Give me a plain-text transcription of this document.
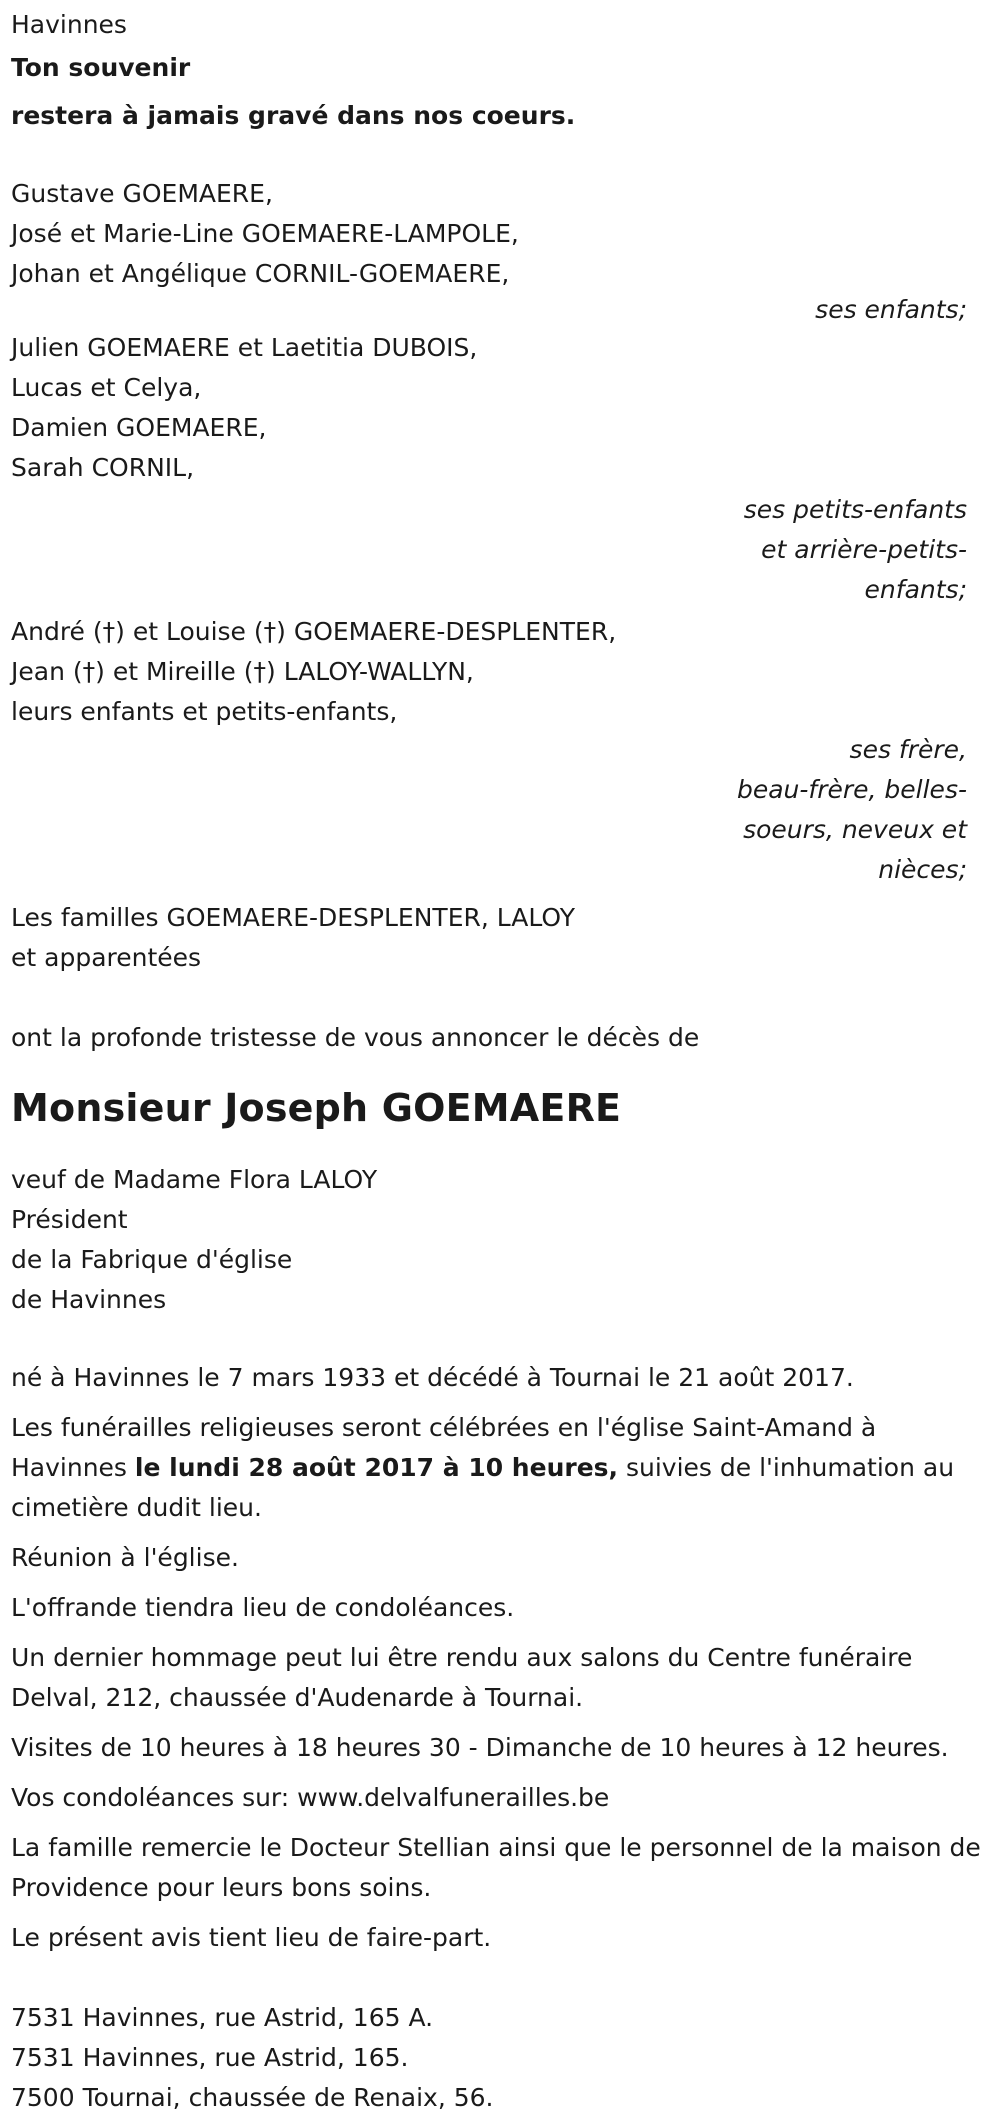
Havinnes
Ton souvenir
restera à jamais gravé dans nos coeurs.
Gustave GOEMAERE,
José et Marie-Line GOEMAERE-LAMPOLE,
Johan et Angélique CORNIL-GOEMAERE,
ses enfants;
Julien GOEMAERE et Laetitia DUBOIS,
Lucas et Celya,
Damien GOEMAERE,
Sarah CORNIL,
ses petits-enfants
et arrière-petits-
enfants;
André (†) et Louise (†) GOEMAERE-DESPLENTER,
Jean (†) et Mireille (†) LALOY-WALLYN,
leurs enfants et petits-enfants,
ses frère,
beau-frère, belles-
soeurs, neveux et
nièces;
Les familles GOEMAERE-DESPLENTER, LALOY
et apparentées
ont la profonde tristesse de vous annoncer le décès de
Monsieur Joseph GOEMAERE
veuf de Madame Flora LALOY
Président
de la Fabrique d'église
de Havinnes

né à Havinnes le 7 mars 1933 et décédé à Tournai le 21 août 2017.

Les funérailles religieuses seront célébrées en l'église Saint-Amand à Havinnes le lundi 28 août 2017 à 10 heures, suivies de l'inhumation au cimetière dudit lieu.

Réunion à l'église.

L'offrande tiendra lieu de condoléances.

Un dernier hommage peut lui être rendu aux salons du Centre funéraire Delval, 212, chaussée d'Audenarde à Tournai.

Visites de 10 heures à 18 heures 30 - Dimanche de 10 heures à 12 heures.

Vos condoléances sur: www.delvalfunerailles.be

La famille remercie le Docteur Stellian ainsi que le personnel de la maison de Providence pour leurs bons soins.

Le présent avis tient lieu de faire-part.

7531 Havinnes, rue Astrid, 165 A.
7531 Havinnes, rue Astrid, 165.
7500 Tournai, chaussée de Renaix, 56.
